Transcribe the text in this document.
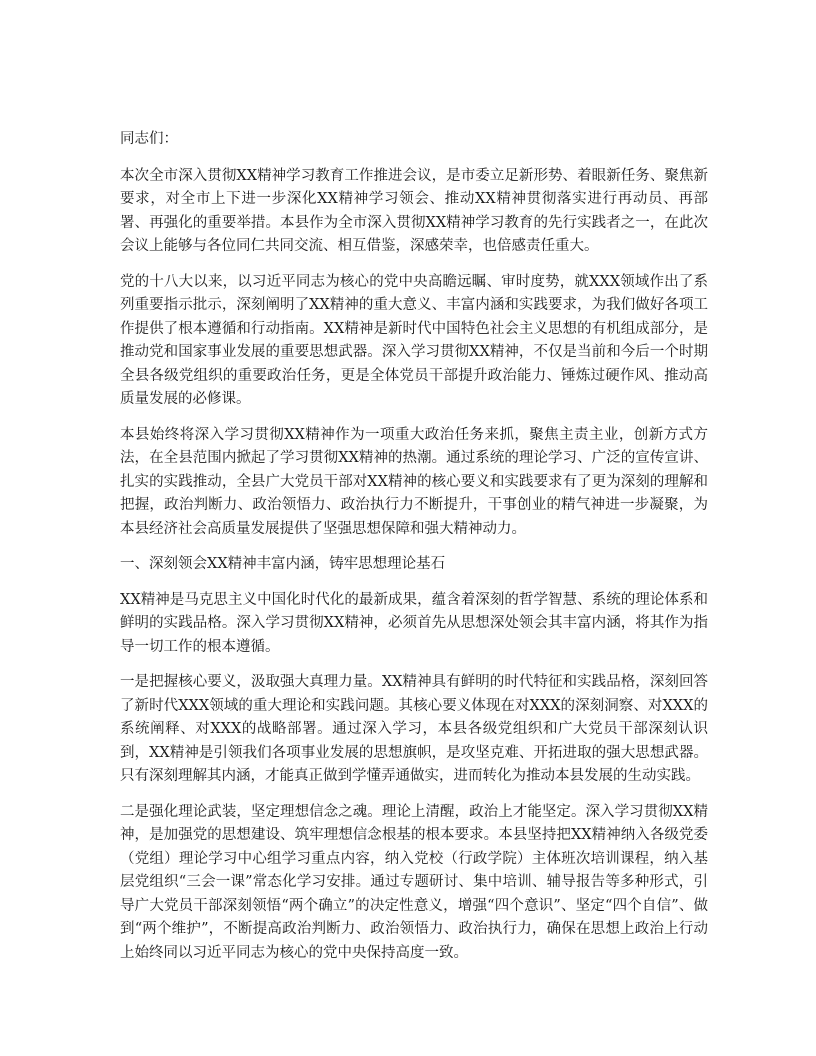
同志们：

本次全市深入贯彻XX精神学习教育工作推进会议，是市委立足新形势、着眼新任务、聚焦新要求，对全市上下进一步深化XX精神学习领会、推动XX精神贯彻落实进行再动员、再部署、再强化的重要举措。本县作为全市深入贯彻XX精神学习教育的先行实践者之一，在此次会议上能够与各位同仁共同交流、相互借鉴，深感荣幸，也倍感责任重大。

党的十八大以来，以习近平同志为核心的党中央高瞻远瞩、审时度势，就XXX领域作出了系列重要指示批示，深刻阐明了XX精神的重大意义、丰富内涵和实践要求，为我们做好各项工作提供了根本遵循和行动指南。XX精神是新时代中国特色社会主义思想的有机组成部分，是推动党和国家事业发展的重要思想武器。深入学习贯彻XX精神，不仅是当前和今后一个时期全县各级党组织的重要政治任务，更是全体党员干部提升政治能力、锤炼过硬作风、推动高质量发展的必修课。

本县始终将深入学习贯彻XX精神作为一项重大政治任务来抓，聚焦主责主业，创新方式方法，在全县范围内掀起了学习贯彻XX精神的热潮。通过系统的理论学习、广泛的宣传宣讲、扎实的实践推动，全县广大党员干部对XX精神的核心要义和实践要求有了更为深刻的理解和把握，政治判断力、政治领悟力、政治执行力不断提升，干事创业的精气神进一步凝聚，为本县经济社会高质量发展提供了坚强思想保障和强大精神动力。

一、深刻领会XX精神丰富内涵，铸牢思想理论基石

XX精神是马克思主义中国化时代化的最新成果，蕴含着深刻的哲学智慧、系统的理论体系和鲜明的实践品格。深入学习贯彻XX精神，必须首先从思想深处领会其丰富内涵，将其作为指导一切工作的根本遵循。

一是把握核心要义，汲取强大真理力量。XX精神具有鲜明的时代特征和实践品格，深刻回答了新时代XXX领域的重大理论和实践问题。其核心要义体现在对XXX的深刻洞察、对XXX的系统阐释、对XXX的战略部署。通过深入学习，本县各级党组织和广大党员干部深刻认识到，XX精神是引领我们各项事业发展的思想旗帜，是攻坚克难、开拓进取的强大思想武器。只有深刻理解其内涵，才能真正做到学懂弄通做实，进而转化为推动本县发展的生动实践。

二是强化理论武装，坚定理想信念之魂。理论上清醒，政治上才能坚定。深入学习贯彻XX精神，是加强党的思想建设、筑牢理想信念根基的根本要求。本县坚持把XX精神纳入各级党委（党组）理论学习中心组学习重点内容，纳入党校（行政学院）主体班次培训课程，纳入基层党组织“三会一课”常态化学习安排。通过专题研讨、集中培训、辅导报告等多种形式，引导广大党员干部深刻领悟“两个确立”的决定性意义，增强“四个意识”、坚定“四个自信”、做到“两个维护”，不断提高政治判断力、政治领悟力、政治执行力，确保在思想上政治上行动上始终同以习近平同志为核心的党中央保持高度一致。
